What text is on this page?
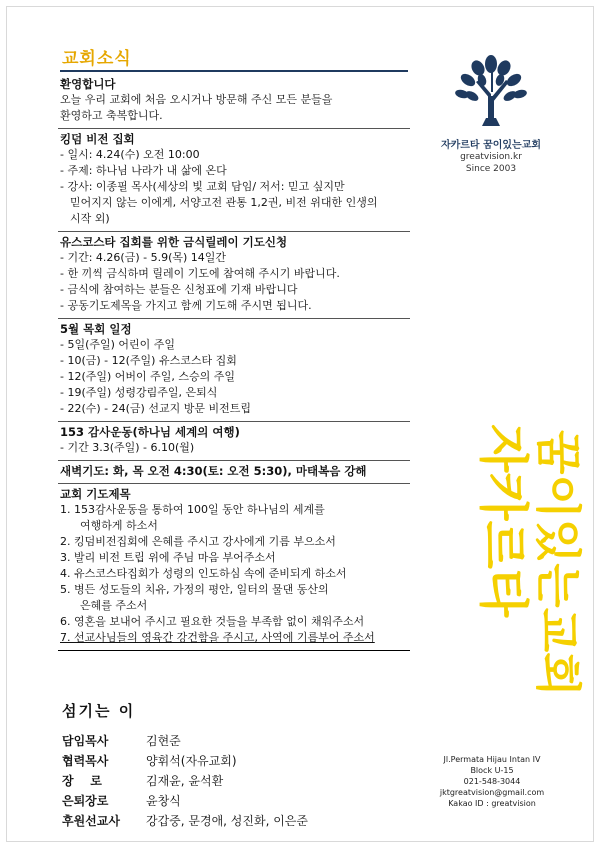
교회소식
환영합니다
오늘 우리 교회에 처음 오시거나 방문해 주신 모든 분들을
환영하고 축복합니다.
킹덤 비전 집회
- 일시: 4.24(수) 오전 10:00
- 주제: 하나님 나라가 내 삶에 온다
- 강사: 이종필 목사(세상의 빛 교회 담임/ 저서: 믿고 싶지만
믿어지지 않는 이에게, 서양고전 관통 1,2권, 비전 위대한 인생의
시작 외)
유스코스타 집회를 위한 금식릴레이 기도신청
- 기간: 4.26(금) - 5.9(목) 14일간
- 한 끼씩 금식하며 릴레이 기도에 참여해 주시기 바랍니다.
- 금식에 참여하는 분들은 신청표에 기재 바랍니다
- 공동기도제목을 가지고 함께 기도해 주시면 됩니다.
5월 목회 일정
- 5일(주일) 어린이 주일
- 10(금) - 12(주일) 유스코스타 집회
- 12(주일) 어버이 주일, 스승의 주일
- 19(주일) 성령강림주일, 은퇴식
- 22(수) - 24(금) 선교지 방문 비전트립
153 감사운동(하나님 세계의 여행)
- 기간 3.3(주일) - 6.10(월)
새벽기도: 화, 목 오전 4:30(토: 오전 5:30), 마태복음 강해
교회 기도제목
1. 153감사운동을 통하여 100일 동안 하나님의 세계를
여행하게 하소서
2. 킹덤비전집회에 은혜를 주시고 강사에게 기름 부으소서
3. 발리 비전 트립 위에 주님 마음 부어주소서
4. 유스코스타집회가 성령의 인도하심 속에 준비되게 하소서
5. 병든 성도들의 치유, 가정의 평안, 일터의 물댄 동산의
은혜를 주소서
6. 영혼을 보내어 주시고 필요한 것들을 부족함 없이 채워주소서
7. 선교사님들의 영육간 강건함을 주시고, 사역에 기름부어 주소서
섬기는 이
담임목사	김현준
협력목사	양휘석(자유교회)
장    로	김재윤, 윤석환
은퇴장로	윤창식
후원선교사	강갑중, 문경애, 성진화, 이은준
자카르타 꿈이있는교회
greatvision.kr
Since 2003
자카르타 꿈이있는교회
Jl.Permata Hijau Intan IV
Block U-15
021-548-3044
jktgreatvision@gmail.com
Kakao ID : greatvision
